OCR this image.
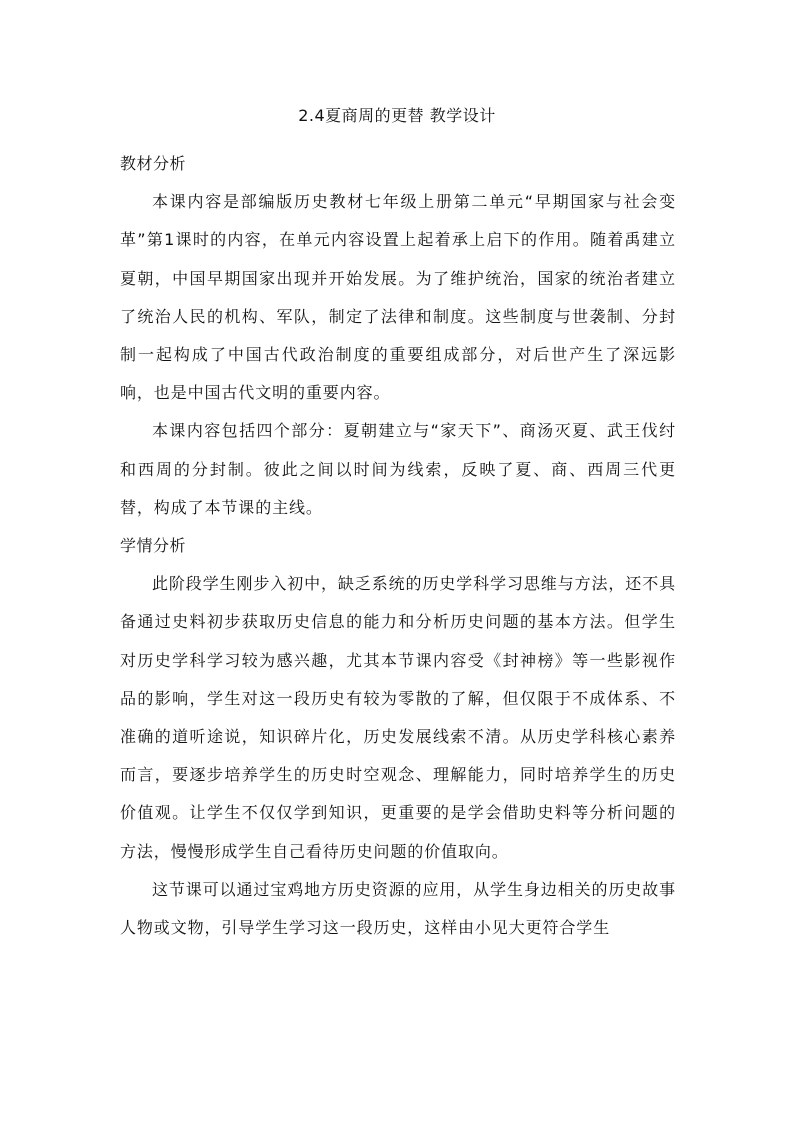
2.4夏商周的更替 教学设计
教材分析

本课内容是部编版历史教材七年级上册第二单元“早期国家与社会变革”第1课时的内容，在单元内容设置上起着承上启下的作用。随着禹建立夏朝，中国早期国家出现并开始发展。为了维护统治，国家的统治者建立了统治人民的机构、军队，制定了法律和制度。这些制度与世袭制、分封制一起构成了中国古代政治制度的重要组成部分，对后世产生了深远影响，也是中国古代文明的重要内容。

本课内容包括四个部分：夏朝建立与“家天下”、商汤灭夏、武王伐纣和西周的分封制。彼此之间以时间为线索，反映了夏、商、西周三代更替，构成了本节课的主线。

学情分析

此阶段学生刚步入初中，缺乏系统的历史学科学习思维与方法，还不具备通过史料初步获取历史信息的能力和分析历史问题的基本方法。但学生对历史学科学习较为感兴趣，尤其本节课内容受《封神榜》等一些影视作品的影响，学生对这一段历史有较为零散的了解，但仅限于不成体系、不准确的道听途说，知识碎片化，历史发展线索不清。从历史学科核心素养而言，要逐步培养学生的历史时空观念、理解能力，同时培养学生的历史价值观。让学生不仅仅学到知识，更重要的是学会借助史料等分析问题的方法，慢慢形成学生自己看待历史问题的价值取向。

这节课可以通过宝鸡地方历史资源的应用，从学生身边相关的历史故事人物或文物，引导学生学习这一段历史，这样由小见大更符合学生
